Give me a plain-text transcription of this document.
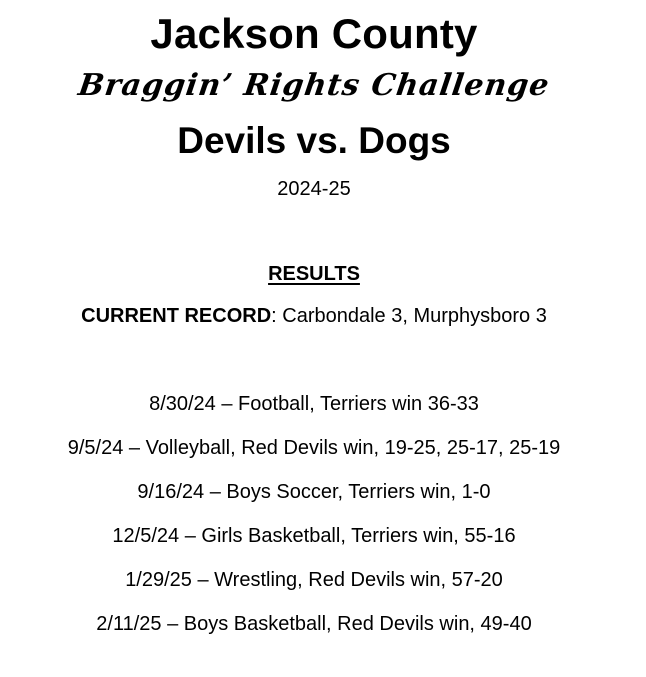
Jackson County
Braggin’ Rights Challenge
Devils vs. Dogs
2024-25
RESULTS
CURRENT RECORD: Carbondale 3, Murphysboro 3
8/30/24 – Football, Terriers win 36-33
9/5/24 – Volleyball, Red Devils win, 19-25, 25-17, 25-19
9/16/24 – Boys Soccer, Terriers win, 1-0
12/5/24 – Girls Basketball, Terriers win, 55-16
1/29/25 – Wrestling, Red Devils win, 57-20
2/11/25 – Boys Basketball, Red Devils win, 49-40
